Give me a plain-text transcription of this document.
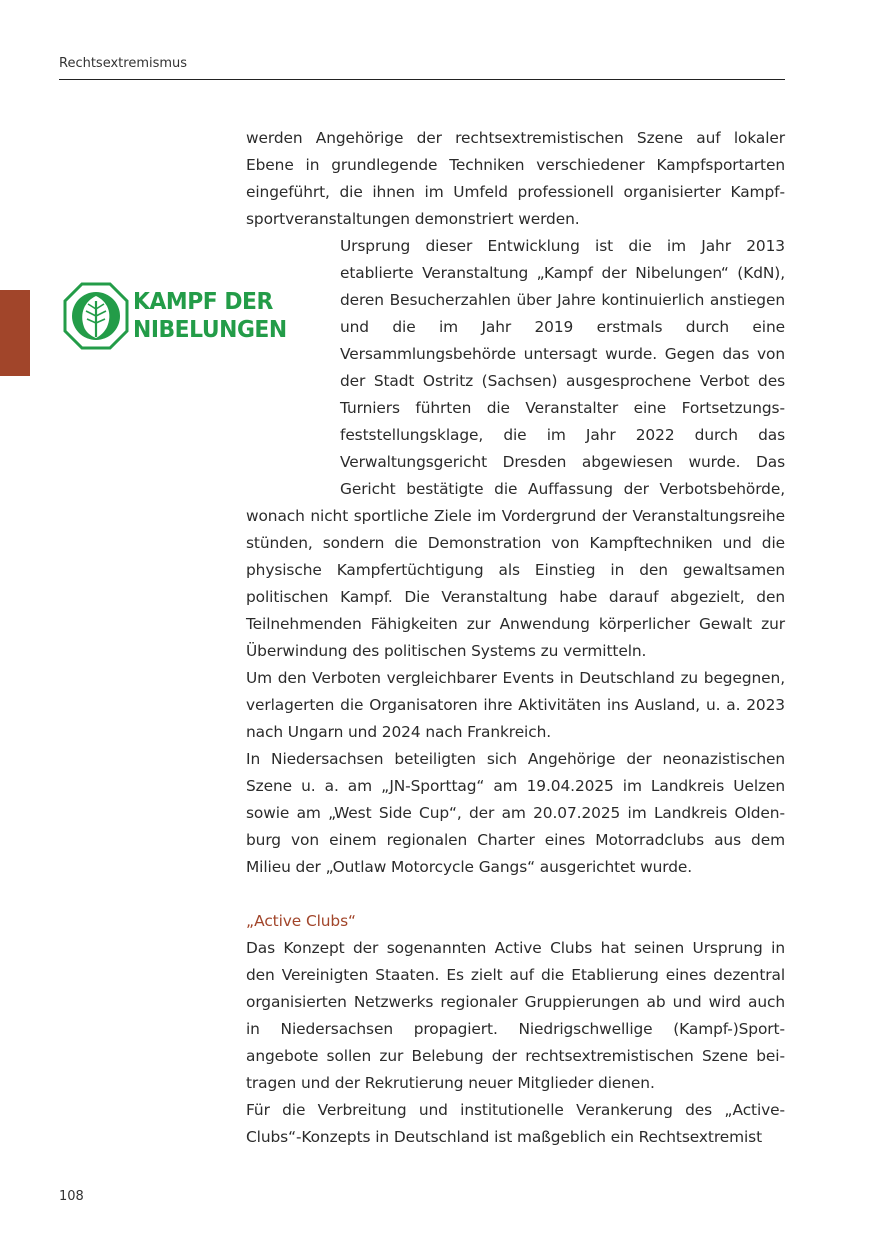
Rechtsextremismus
KAMPF DER
NIBELUNGEN

werden Angehörige der rechtsextremistischen Szene auf lokaler Ebene in grundlegende Techniken verschiedener Kampfsportarten eingeführt, die ihnen im Umfeld professionell organisierter Kampfsportveranstaltungen demonstriert werden.

Ursprung dieser Entwicklung ist die im Jahr 2013 etablierte Veranstaltung „Kampf der Nibelungen“ (KdN), deren Besucherzahlen über Jahre kontinuierlich anstiegen und die im Jahr 2019 erstmals durch eine Versammlungsbehörde untersagt wurde. Gegen das von der Stadt Ostritz (Sachsen) ausgesprochene Verbot des Turniers führten die Veranstalter eine Fortsetzungsfeststellungsklage, die im Jahr 2022 durch das Verwaltungsgericht Dresden abgewiesen wurde. Das Gericht bestätigte die Auffassung der Verbotsbehörde, wonach nicht sportliche Ziele im Vordergrund der Veranstaltungsreihe stünden, sondern die Demonstration von Kampftechniken und die physische Kampfertüchtigung als Einstieg in den gewaltsamen politischen Kampf. Die Veranstaltung habe darauf abgezielt, den Teilnehmenden Fähigkeiten zur Anwendung körperlicher Gewalt zur Überwindung des politischen Systems zu vermitteln.

Um den Verboten vergleichbarer Events in Deutschland zu begegnen, verlagerten die Organisatoren ihre Aktivitäten ins Ausland, u. a. 2023 nach Ungarn und 2024 nach Frankreich.

In Niedersachsen beteiligten sich Angehörige der neonazistischen Szene u. a. am „JN-Sporttag“ am 19.04.2025 im Landkreis Uelzen sowie am „West Side Cup“, der am 20.07.2025 im Landkreis Oldenburg von einem regionalen Charter eines Motorradclubs aus dem Milieu der „Outlaw Motorcycle Gangs“ ausgerichtet wurde.

„Active Clubs“

Das Konzept der sogenannten Active Clubs hat seinen Ursprung in den Vereinigten Staaten. Es zielt auf die Etablierung eines dezentral organisierten Netzwerks regionaler Gruppierungen ab und wird auch in Niedersachsen propagiert. Niedrigschwellige (Kampf-)Sportangebote sollen zur Belebung der rechtsextremistischen Szene beitragen und der Rekrutierung neuer Mitglieder dienen.

Für die Verbreitung und institutionelle Verankerung des „Active-Clubs“-Konzepts in Deutschland ist maßgeblich ein Rechtsextremist

108
